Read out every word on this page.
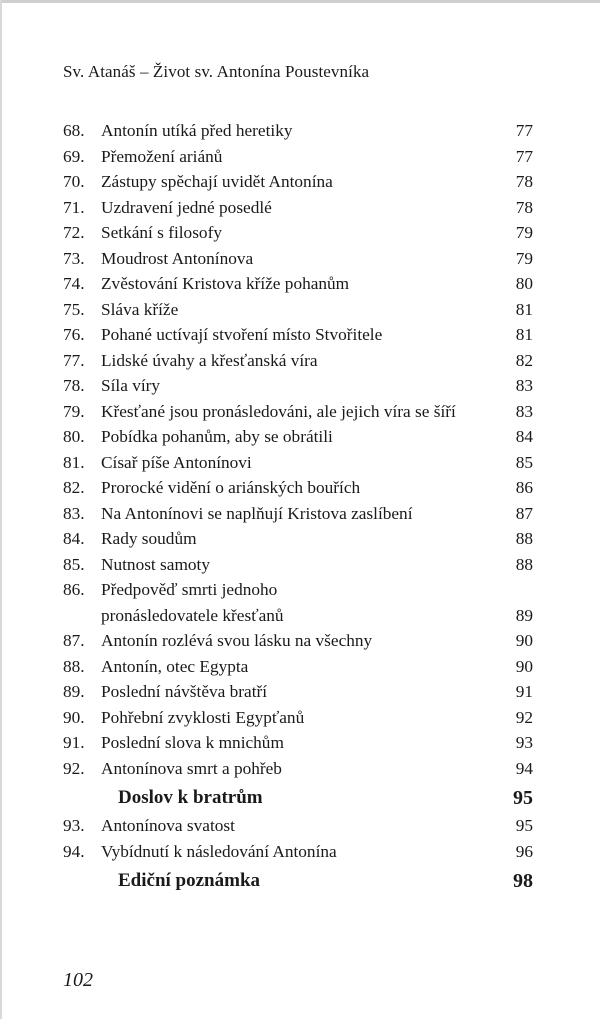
Sv. Atanáš – Život sv. Antonína Poustevníka
68. Antonín utíká před heretiky	77
69. Přemožení ariánů	77
70. Zástupy spěchají uvidět Antonína	78
71. Uzdravení jedné posedlé	78
72. Setkání s filosofy	79
73. Moudrost Antonínova	79
74. Zvěstování Kristova kříže pohanům	80
75. Sláva kříže	81
76. Pohané uctívají stvoření místo Stvořitele	81
77. Lidské úvahy a křesťanská víra	82
78. Síla víry	83
79. Křesťané jsou pronásledováni, ale jejich víra se šíří	83
80. Pobídka pohanům, aby se obrátili	84
81. Císař píše Antonínovi	85
82. Prorocké vidění o ariánských bouřích	86
83. Na Antonínovi se naplňují Kristova zaslíbení	87
84. Rady soudům	88
85. Nutnost samoty	88
86. Předpověď smrti jednoho
pronásledovatele křesťanů	89
87. Antonín rozlévá svou lásku na všechny	90
88. Antonín, otec Egypta	90
89. Poslední návštěva bratří	91
90. Pohřební zvyklosti Egypťanů	92
91. Poslední slova k mnichům	93
92. Antonínova smrt a pohřeb	94
Doslov k bratrům	95
93. Antonínova svatost	95
94. Vybídnutí k následování Antonína	96
Ediční poznámka	98
102
